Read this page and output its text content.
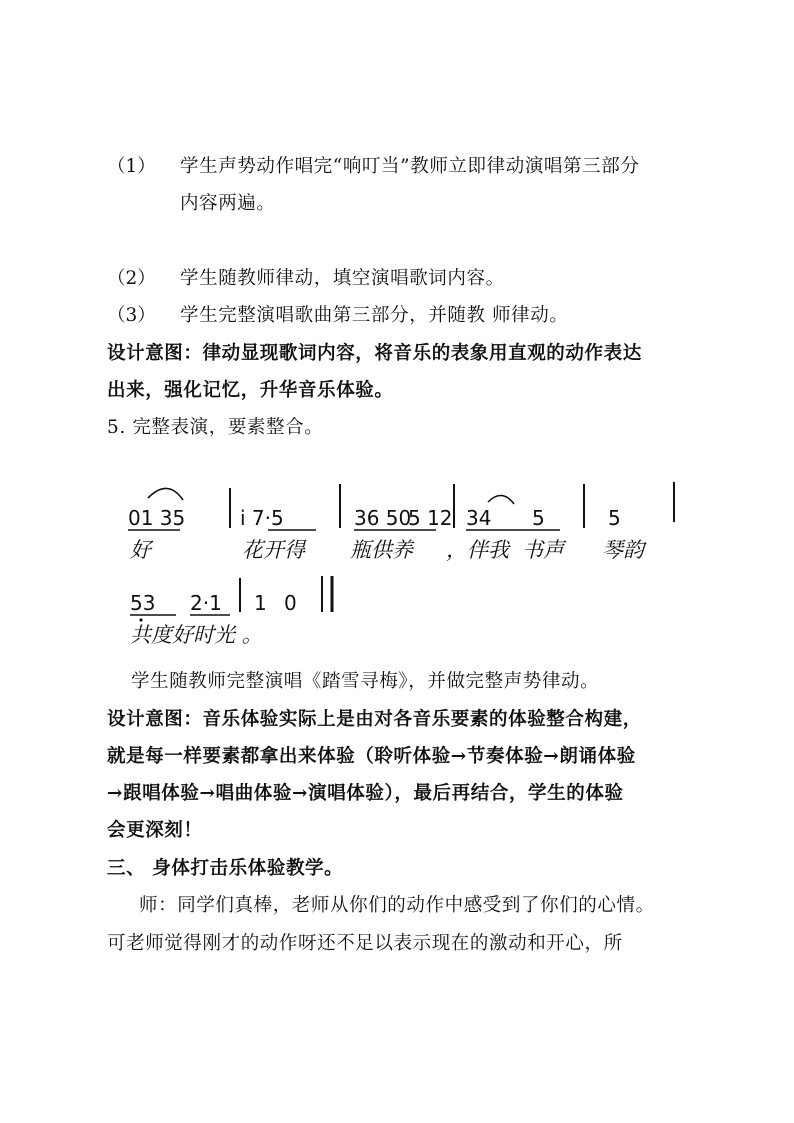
（1） 学生声势动作唱完“响叮当”教师立即律动演唱第三部分
内容两遍。
（2） 学生随教师律动，填空演唱歌词内容。
（3） 学生完整演唱歌曲第三部分，并随教 师律动。
设计意图：律动显现歌词内容，将音乐的表象用直观的动作表达
出来，强化记忆，升华音乐体验。
5. 完整表演，要素整合。
01 35	i 7·5	36 50
5 12 34 5	5
好	花开得 瓶供养 ，伴我 书声 琴韵
53 2·1 1 0
共度好时光 。
学生随教师完整演唱《踏雪寻梅》，并做完整声势律动。
设计意图：音乐体验实际上是由对各音乐要素的体验整合构建，
就是每一样要素都拿出来体验（聆听体验→节奏体验→朗诵体验
→跟唱体验→唱曲体验→演唱体验），最后再结合，学生的体验
会更深刻！
三、 身体打击乐体验教学。
师：同学们真棒，老师从你们的动作中感受到了你们的心情。
可老师觉得刚才的动作呀还不足以表示现在的激动和开心，所
